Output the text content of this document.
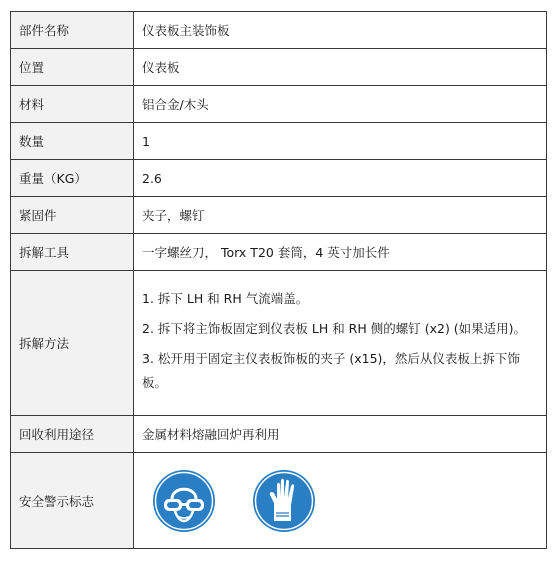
部件名称	仪表板主装饰板
位置	仪表板
材料	铝合金/木头
数量	1
重量（KG）	2.6
紧固件	夹子，螺钉
拆解工具	一字螺丝刀， Torx T20 套筒，4 英寸加长件
拆解方法	1. 拆下 LH 和 RH 气流端盖。
2. 拆下将主饰板固定到仪表板 LH 和 RH 侧的螺钉 (x2) (如果适用)。
3. 松开用于固定主仪表板饰板的夹子 (x15)，然后从仪表板上拆下饰板。

回收利用途径	金属材料熔融回炉再利用
安全警示标志	
